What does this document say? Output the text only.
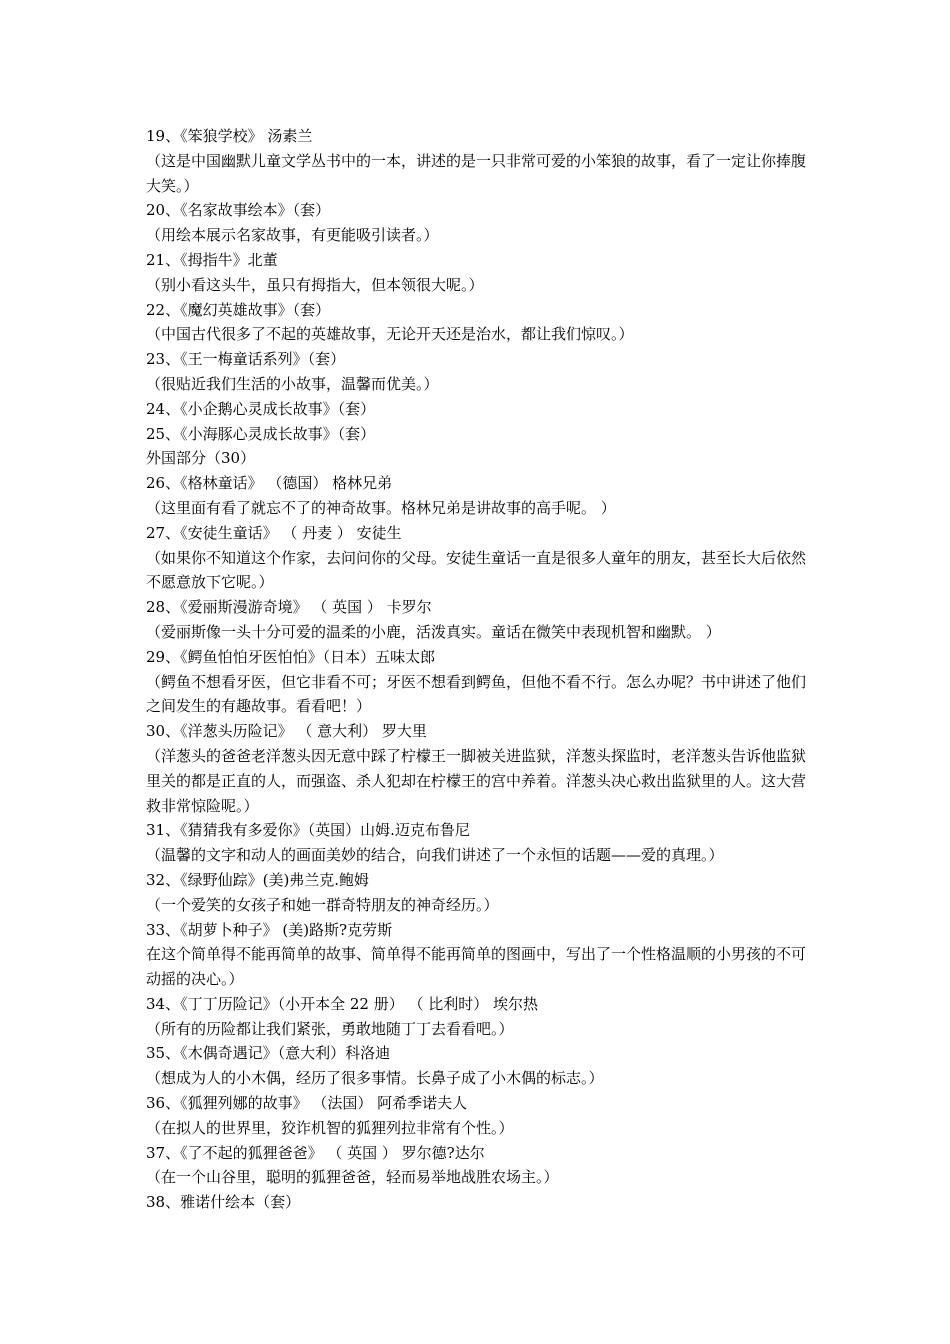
19、《笨狼学校》 汤素兰
（这是中国幽默儿童文学丛书中的一本，讲述的是一只非常可爱的小笨狼的故事，看了一定让你捧腹大笑。）
20、《名家故事绘本》（套）
（用绘本展示名家故事，有更能吸引读者。）
21、《拇指牛》北董
（别小看这头牛，虽只有拇指大，但本领很大呢。）
22、《魔幻英雄故事》（套）
（中国古代很多了不起的英雄故事，无论开天还是治水，都让我们惊叹。）
23、《王一梅童话系列》（套）
（很贴近我们生活的小故事，温馨而优美。）
24、《小企鹅心灵成长故事》（套）
25、《小海豚心灵成长故事》（套）
外国部分（30）
26、《格林童话》 （德国） 格林兄弟
（这里面有看了就忘不了的神奇故事。格林兄弟是讲故事的高手呢。 ）
27、《安徒生童话》 （ 丹麦 ） 安徒生
（如果你不知道这个作家，去问问你的父母。安徒生童话一直是很多人童年的朋友，甚至长大后依然不愿意放下它呢。）
28、《爱丽斯漫游奇境》 （ 英国 ） 卡罗尔
（爱丽斯像一头十分可爱的温柔的小鹿，活泼真实。童话在微笑中表现机智和幽默。 ）
29、《鳄鱼怕怕牙医怕怕》（日本）五味太郎
（鳄鱼不想看牙医，但它非看不可；牙医不想看到鳄鱼，但他不看不行。怎么办呢？书中讲述了他们之间发生的有趣故事。看看吧！）
30、《洋葱头历险记》 （ 意大利） 罗大里
（洋葱头的爸爸老洋葱头因无意中踩了柠檬王一脚被关进监狱，洋葱头探监时，老洋葱头告诉他监狱里关的都是正直的人，而强盗、杀人犯却在柠檬王的宫中养着。洋葱头决心救出监狱里的人。这大营救非常惊险呢。）
31、《猜猜我有多爱你》（英国）山姆.迈克布鲁尼
（温馨的文字和动人的画面美妙的结合，向我们讲述了一个永恒的话题——爱的真理。）
32、《绿野仙踪》(美)弗兰克.鲍姆
（一个爱笑的女孩子和她一群奇特朋友的神奇经历。）
33、《胡萝卜种子》 (美)路斯?克劳斯
在这个简单得不能再简单的故事、简单得不能再简单的图画中，写出了一个性格温顺的小男孩的不可动摇的决心。）
34、《丁丁历险记》（小开本全 22 册） （ 比利时） 埃尔热
（所有的历险都让我们紧张，勇敢地随丁丁去看看吧。）
35、《木偶奇遇记》（意大利）科洛迪
（想成为人的小木偶，经历了很多事情。长鼻子成了小木偶的标志。）
36、《狐狸列娜的故事》 （法国） 阿希季诺夫人
（在拟人的世界里，狡诈机智的狐狸列拉非常有个性。）
37、《了不起的狐狸爸爸》 （ 英国 ） 罗尔德?达尔
（在一个山谷里，聪明的狐狸爸爸，轻而易举地战胜农场主。）
38、雅诺什绘本（套）
